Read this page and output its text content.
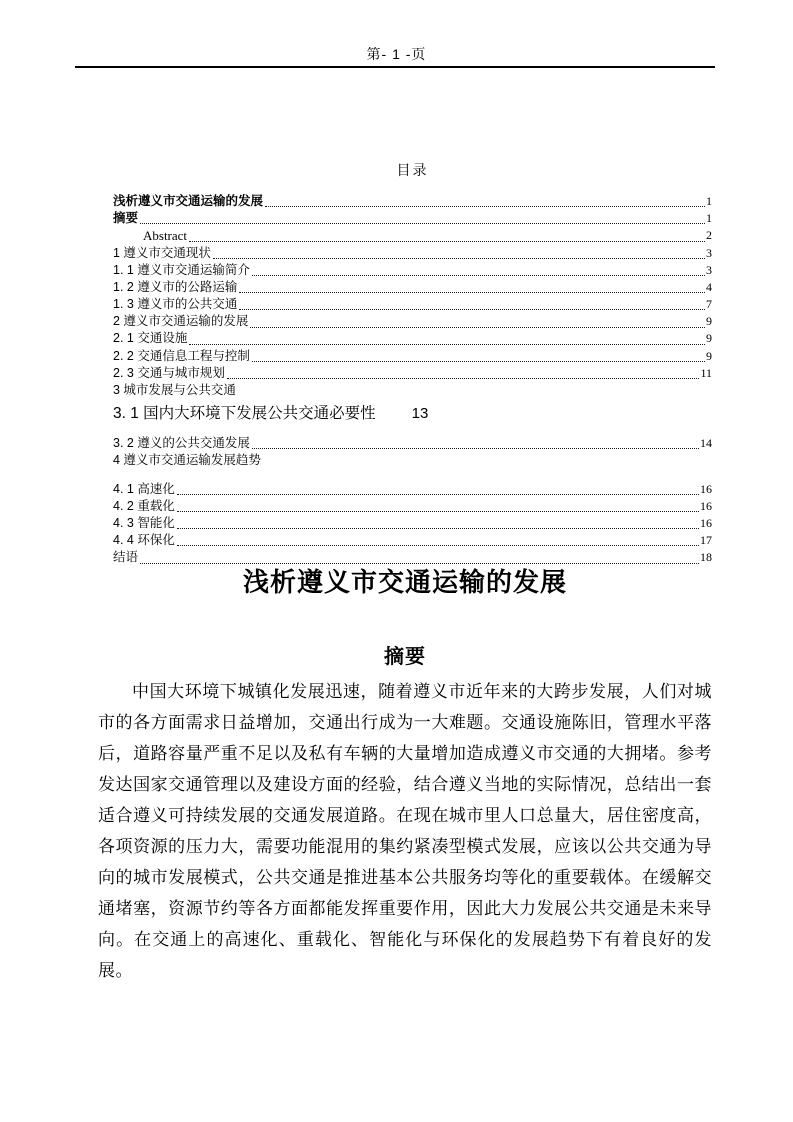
第- 1 -页
目录
浅析遵义市交通运输的发展	1
摘要	1
Abstract	2
1 遵义市交通现状	3
1. 1 遵义市交通运输简介	3
1. 2 遵义市的公路运输	4
1. 3 遵义市的公共交通	7
2 遵义市交通运输的发展	9
2. 1 交通设施	9
2. 2 交通信息工程与控制	9
2. 3 交通与城市规划	11
3 城市发展与公共交通
3. 1 国内大环境下发展公共交通必要性 13
3. 2 遵义的公共交通发展	14
4 遵义市交通运输发展趋势
4. 1 高速化	16
4. 2 重载化	16
4. 3 智能化	16
4. 4 环保化	17
结语	18
浅析遵义市交通运输的发展
摘要
中国大环境下城镇化发展迅速，随着遵义市近年来的大跨步发展，人们对城市的各方面需求日益增加，交通出行成为一大难题。交通设施陈旧，管理水平落后，道路容量严重不足以及私有车辆的大量增加造成遵义市交通的大拥堵。参考发达国家交通管理以及建设方面的经验，结合遵义当地的实际情况，总结出一套适合遵义可持续发展的交通发展道路。在现在城市里人口总量大，居住密度高，各项资源的压力大，需要功能混用的集约紧凑型模式发展，应该以公共交通为导向的城市发展模式，公共交通是推进基本公共服务均等化的重要载体。在缓解交通堵塞，资源节约等各方面都能发挥重要作用，因此大力发展公共交通是未来导向。在交通上的高速化、重载化、智能化与环保化的发展趋势下有着良好的发展。
